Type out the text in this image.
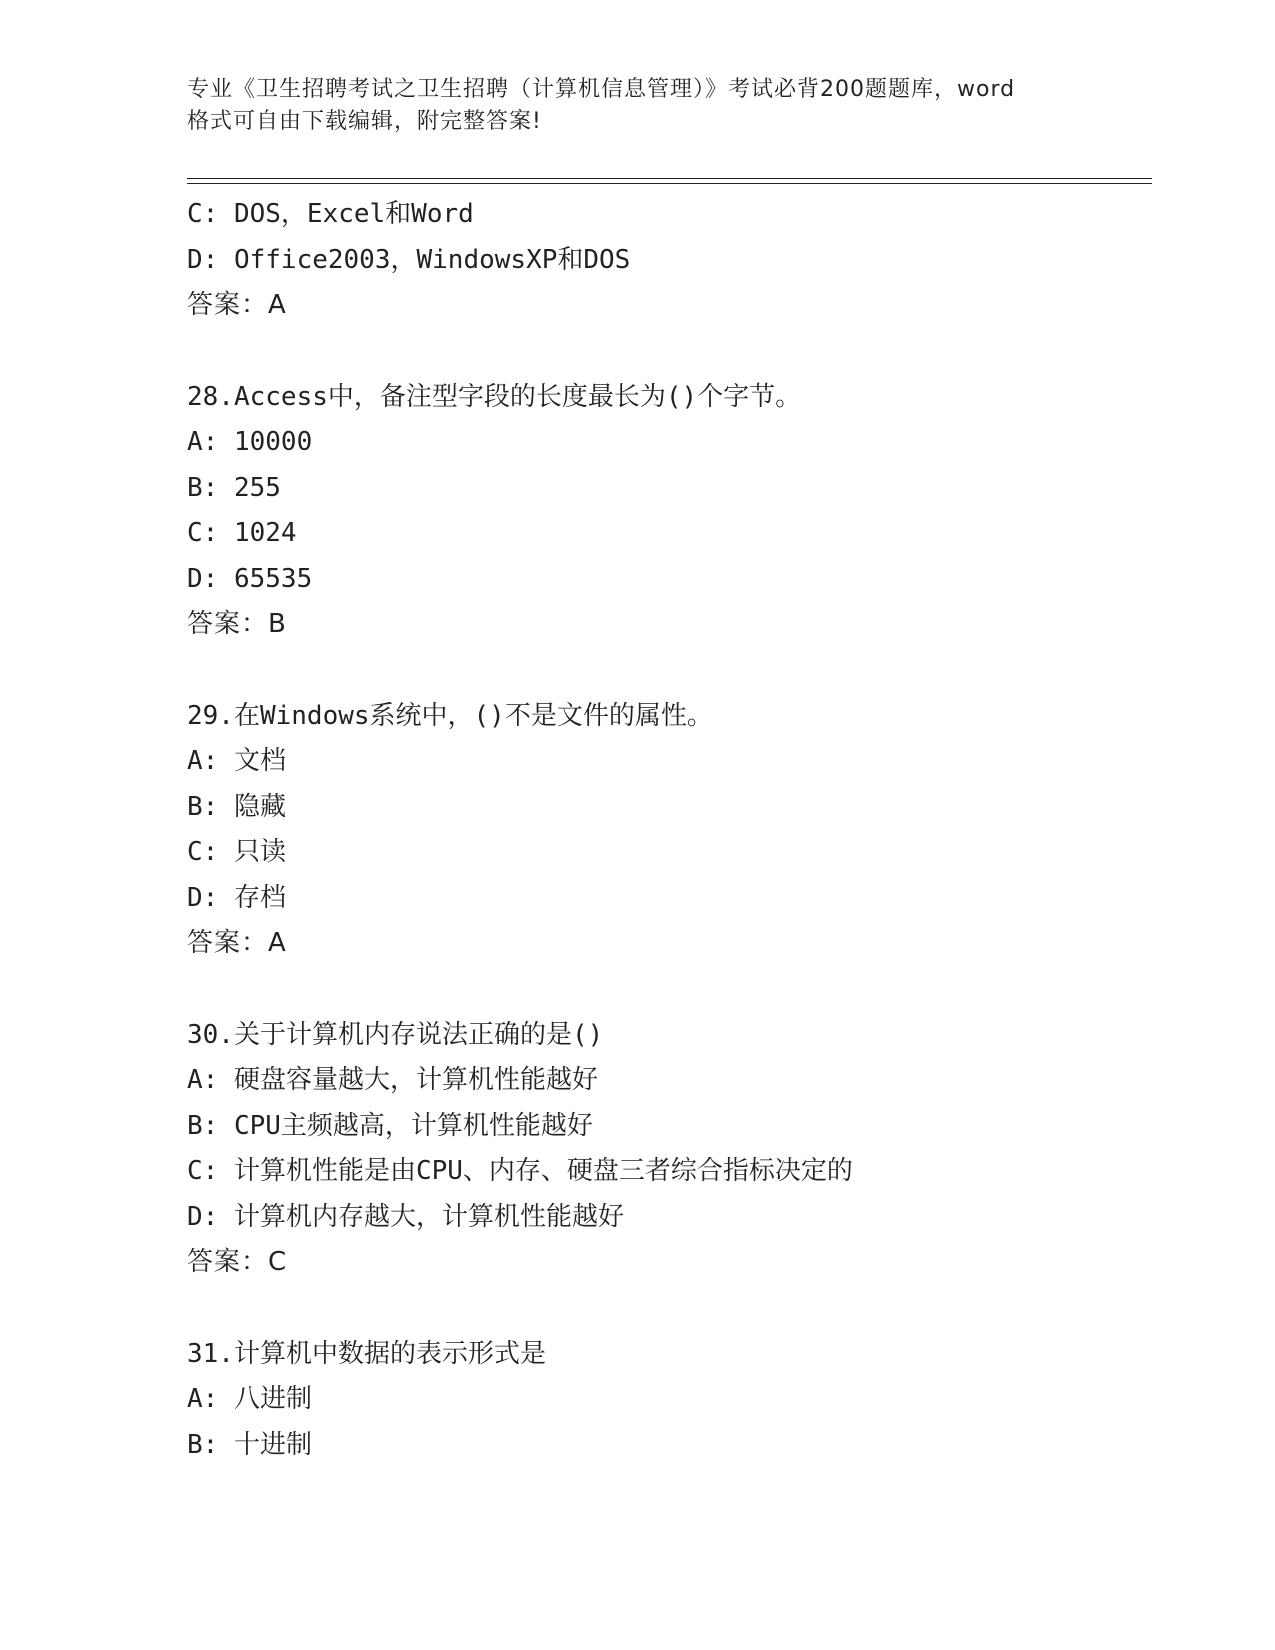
专业《卫生招聘考试之卫生招聘（计算机信息管理）》考试必背200题题库，word
格式可自由下载编辑，附完整答案!
C: DOS，Excel和Word
D: Office2003，WindowsXP和DOS
答案：A
28.Access中，备注型字段的长度最长为()个字节。
A: 10000
B: 255
C: 1024
D: 65535
答案：B
29.在Windows系统中，()不是文件的属性。
A: 文档
B: 隐藏
C: 只读
D: 存档
答案：A
30.关于计算机内存说法正确的是()
A: 硬盘容量越大，计算机性能越好
B: CPU主频越高，计算机性能越好
C: 计算机性能是由CPU、内存、硬盘三者综合指标决定的
D: 计算机内存越大，计算机性能越好
答案：C
31.计算机中数据的表示形式是
A: 八进制
B: 十进制
